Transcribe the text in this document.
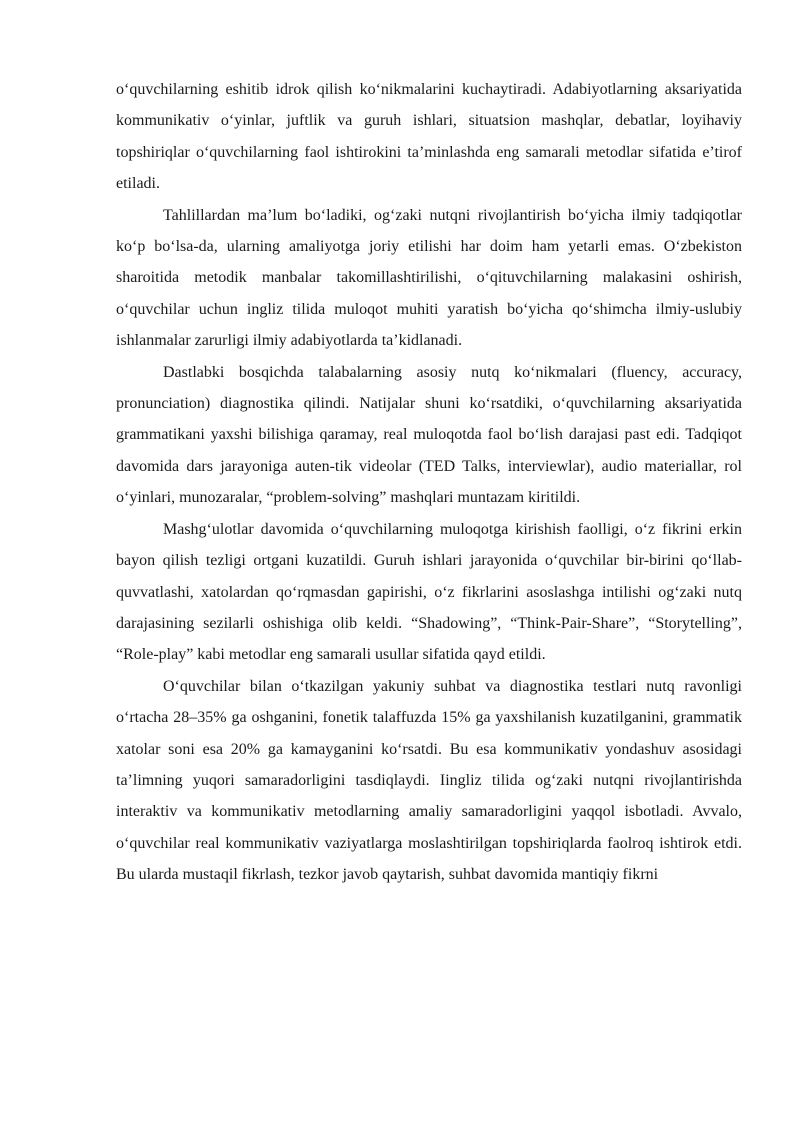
o‘quvchilarning eshitib idrok qilish ko‘nikmalarini kuchaytiradi. Adabiyotlarning aksariyatida kommunikativ o‘yinlar, juftlik va guruh ishlari, situatsion mashqlar, debatlar, loyihaviy topshiriqlar o‘quvchilarning faol ishtirokini ta’minlashda eng samarali metodlar sifatida e’tirof etiladi.

Tahlillardan ma’lum bo‘ladiki, og‘zaki nutqni rivojlantirish bo‘yicha ilmiy tadqiqotlar ko‘p bo‘lsa-da, ularning amaliyotga joriy etilishi har doim ham yetarli emas. O‘zbekiston sharoitida metodik manbalar takomillashtirilishi, o‘qituvchilarning malakasini oshirish, o‘quvchilar uchun ingliz tilida muloqot muhiti yaratish bo‘yicha qo‘shimcha ilmiy-uslubiy ishlanmalar zarurligi ilmiy adabiyotlarda ta’kidlanadi.

Dastlabki bosqichda talabalarning asosiy nutq ko‘nikmalari (fluency, accuracy, pronunciation) diagnostika qilindi. Natijalar shuni ko‘rsatdiki, o‘quvchilarning aksariyatida grammatikani yaxshi bilishiga qaramay, real muloqotda faol bo‘lish darajasi past edi. Tadqiqot davomida dars jarayoniga auten-tik videolar (TED Talks, interviewlar), audio materiallar, rol o‘yinlari, munozaralar, “problem-solving” mashqlari muntazam kiritildi.

Mashg‘ulotlar davomida o‘quvchilarning muloqotga kirishish faolligi, o‘z fikrini erkin bayon qilish tezligi ortgani kuzatildi. Guruh ishlari jarayonida o‘quvchilar bir-birini qo‘llab-quvvatlashi, xatolardan qo‘rqmasdan gapirishi, o‘z fikrlarini asoslashga intilishi og‘zaki nutq darajasining sezilarli oshishiga olib keldi. “Shadowing”, “Think-Pair-Share”, “Storytelling”, “Role-play” kabi metodlar eng samarali usullar sifatida qayd etildi.

O‘quvchilar bilan o‘tkazilgan yakuniy suhbat va diagnostika testlari nutq ravonligi o‘rtacha 28–35% ga oshganini, fonetik talaffuzda 15% ga yaxshilanish kuzatilganini, grammatik xatolar soni esa 20% ga kamayganini ko‘rsatdi. Bu esa kommunikativ yondashuv asosidagi ta’limning yuqori samaradorligini tasdiqlaydi. Iingliz tilida og‘zaki nutqni rivojlantirishda interaktiv va kommunikativ metodlarning amaliy samaradorligini yaqqol isbotladi. Avvalo, o‘quvchilar real kommunikativ vaziyatlarga moslashtirilgan topshiriqlarda faolroq ishtirok etdi. Bu ularda mustaqil fikrlash, tezkor javob qaytarish, suhbat davomida mantiqiy fikrni
